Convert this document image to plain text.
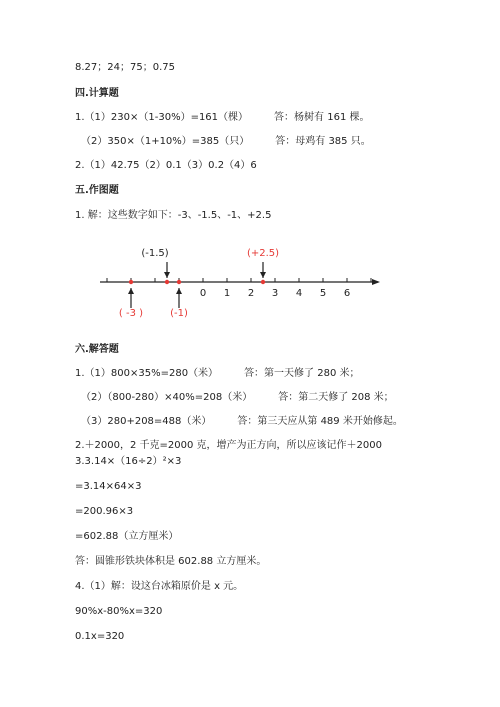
8.27；24；75；0.75
四.计算题
1.（1）230×（1-30%）=161（棵）	答：杨树有 161 棵。
（2）350×（1+10%）=385（只）	答：母鸡有 385 只。
2.（1）42.75（2）0.1（3）0.2（4）6
五.作图题
1. 解：这些数字如下：-3、-1.5、-1、+2.5
0 1 2 3 4 5 6
( -3 )
(-1.5)
(-1)
(+2.5)
六.解答题
1.（1）800×35%=280（米）	答：第一天修了 280 米；
（2）（800-280）×40%=208（米）	答：第二天修了 208 米；
（3）280+208=488（米）	答：第三天应从第 489 米开始修起。
2.＋2000，2 千克=2000 克，增产为正方向，所以应该记作＋2000
3.3.14×（16÷2）²×3
=3.14×64×3
=200.96×3
=602.88（立方厘米）
答：圆锥形铁块体积是 602.88 立方厘米。
4.（1）解：设这台冰箱原价是 x 元。
90%x-80%x=320
0.1x=320
